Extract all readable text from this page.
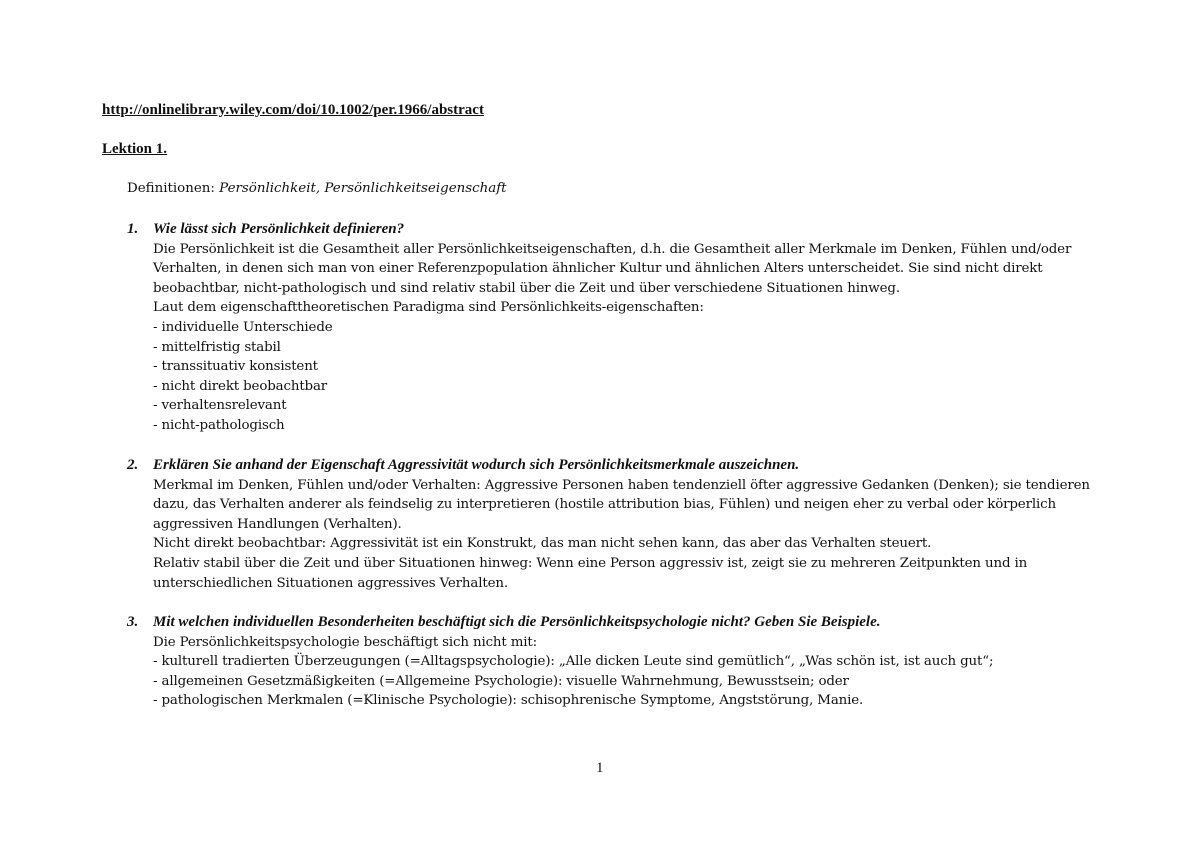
http://onlinelibrary.wiley.com/doi/10.1002/per.1966/abstract
Lektion 1.
Definitionen: Persönlichkeit, Persönlichkeitseigenschaft
1. Wie lässt sich Persönlichkeit definieren?

Die Persönlichkeit ist die Gesamtheit aller Persönlichkeitseigenschaften, d.h. die Gesamtheit aller Merkmale im Denken, Fühlen und/oder Verhalten, in denen sich man von einer Referenzpopulation ähnlicher Kultur und ähnlichen Alters unterscheidet. Sie sind nicht direkt beobachtbar, nicht-pathologisch und sind relativ stabil über die Zeit und über verschiedene Situationen hinweg.

Laut dem eigenschafttheoretischen Paradigma sind Persönlichkeits-eigenschaften:

- individuelle Unterschiede
- mittelfristig stabil
- transsituativ konsistent
- nicht direkt beobachtbar
- verhaltensrelevant
- nicht-pathologisch
2. Erklären Sie anhand der Eigenschaft Aggressivität wodurch sich Persönlichkeitsmerkmale auszeichnen.

Merkmal im Denken, Fühlen und/oder Verhalten: Aggressive Personen haben tendenziell öfter aggressive Gedanken (Denken); sie tendieren dazu, das Verhalten anderer als feindselig zu interpretieren (hostile attribution bias, Fühlen) und neigen eher zu verbal oder körperlich aggressiven Handlungen (Verhalten).

Nicht direkt beobachtbar: Aggressivität ist ein Konstrukt, das man nicht sehen kann, das aber das Verhalten steuert.

Relativ stabil über die Zeit und über Situationen hinweg: Wenn eine Person aggressiv ist, zeigt sie zu mehreren Zeitpunkten und in unterschiedlichen Situationen aggressives Verhalten.

3. Mit welchen individuellen Besonderheiten beschäftigt sich die Persönlichkeitspsychologie nicht? Geben Sie Beispiele.

Die Persönlichkeitspsychologie beschäftigt sich nicht mit:

- kulturell tradierten Überzeugungen (=Alltagspsychologie): „Alle dicken Leute sind gemütlich“, „Was schön ist, ist auch gut“;
- allgemeinen Gesetzmäßigkeiten (=Allgemeine Psychologie): visuelle Wahrnehmung, Bewusstsein; oder
- pathologischen Merkmalen (=Klinische Psychologie): schisophrenische Symptome, Angststörung, Manie.
1
